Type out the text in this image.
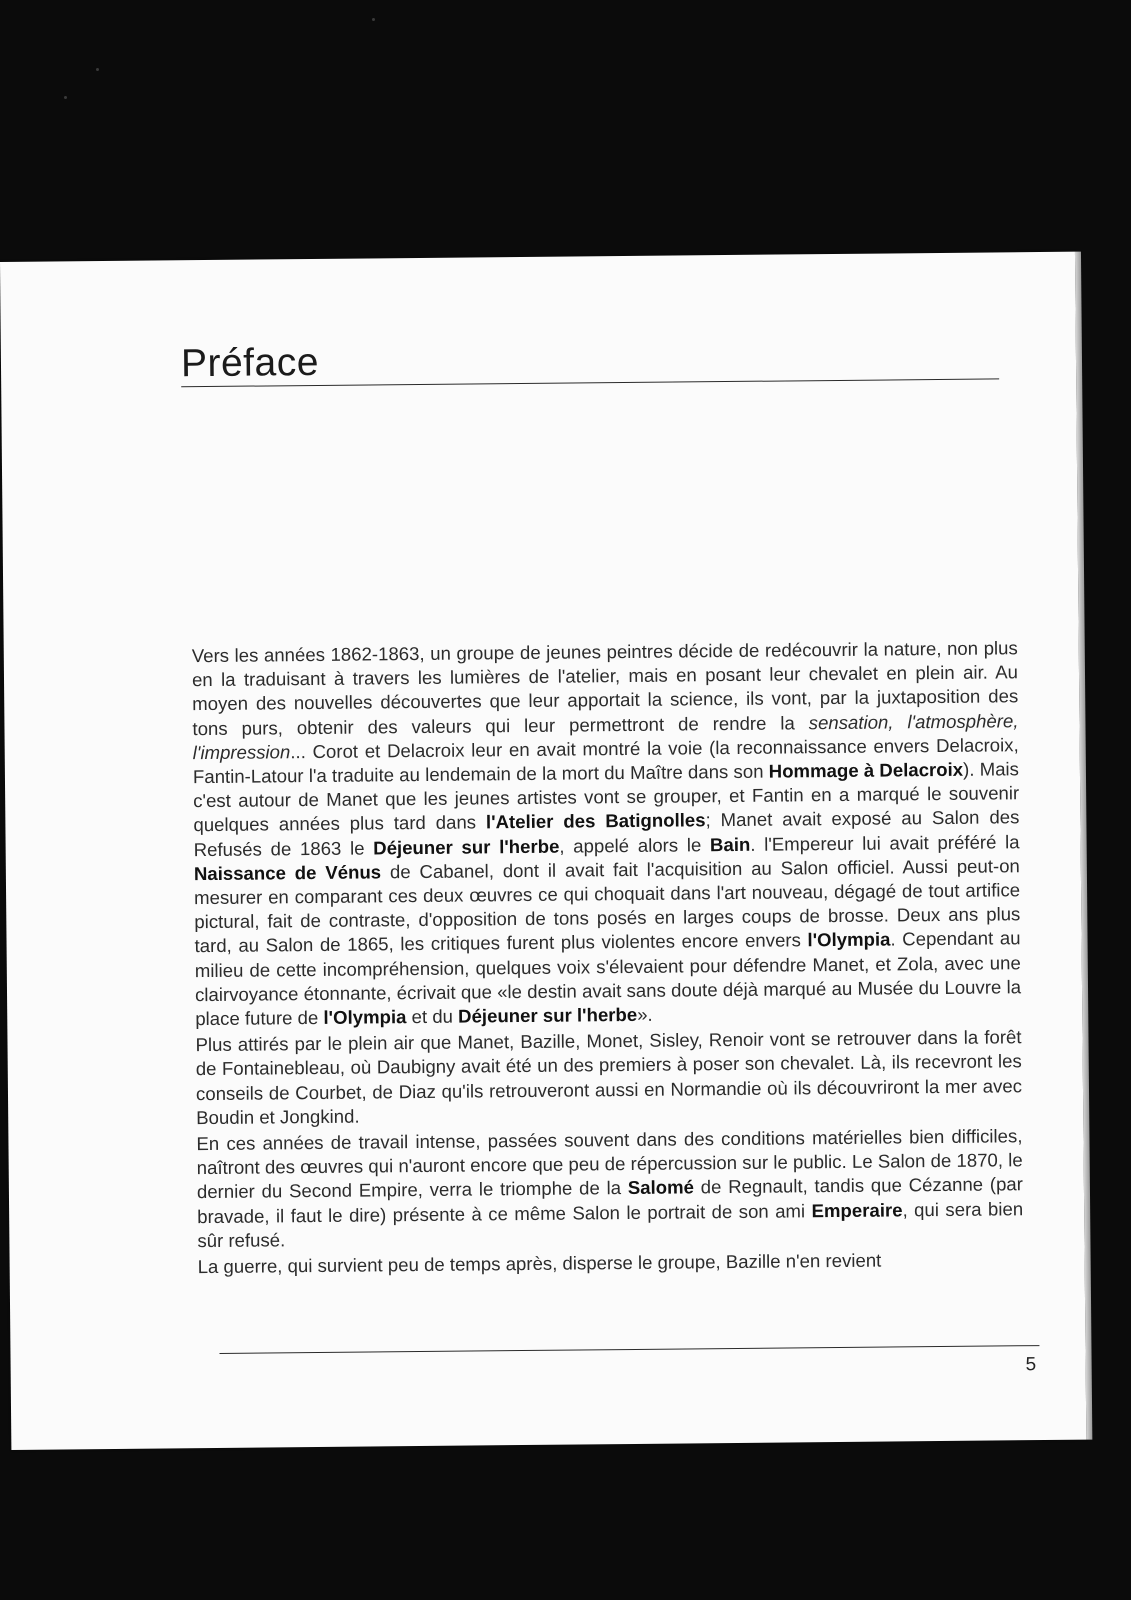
Préface

Vers les années 1862-1863, un groupe de jeunes peintres décide de redécouvrir la nature, non plus en la traduisant à travers les lumières de l'atelier, mais en posant leur chevalet en plein air. Au moyen des nouvelles découvertes que leur apportait la science, ils vont, par la juxtaposition des tons purs, obtenir des valeurs qui leur permettront de rendre la sensation, l'atmosphère, l'impression... Corot et Delacroix leur en avait montré la voie (la reconnaissance envers Delacroix, Fantin-Latour l'a traduite au lendemain de la mort du Maître dans son Hommage à Delacroix). Mais c'est autour de Manet que les jeunes artistes vont se grouper, et Fantin en a marqué le souvenir quelques années plus tard dans l'Atelier des Batignolles; Manet avait exposé au Salon des Refusés de 1863 le Déjeuner sur l'herbe, appelé alors le Bain. l'Empereur lui avait préféré la Naissance de Vénus de Cabanel, dont il avait fait l'acquisition au Salon officiel. Aussi peut-on mesurer en comparant ces deux œuvres ce qui choquait dans l'art nouveau, dégagé de tout artifice pictural, fait de contraste, d'opposition de tons posés en larges coups de brosse. Deux ans plus tard, au Salon de 1865, les critiques furent plus violentes encore envers l'Olympia. Cependant au milieu de cette incompréhension, quelques voix s'élevaient pour défendre Manet, et Zola, avec une clairvoyance étonnante, écrivait que «le destin avait sans doute déjà marqué au Musée du Louvre la place future de l'Olympia et du Déjeuner sur l'herbe».

Plus attirés par le plein air que Manet, Bazille, Monet, Sisley, Renoir vont se retrouver dans la forêt de Fontainebleau, où Daubigny avait été un des premiers à poser son chevalet. Là, ils recevront les conseils de Courbet, de Diaz qu'ils retrouveront aussi en Normandie où ils découvriront la mer avec Boudin et Jongkind.

En ces années de travail intense, passées souvent dans des conditions matérielles bien difficiles, naîtront des œuvres qui n'auront encore que peu de répercussion sur le public. Le Salon de 1870, le dernier du Second Empire, verra le triomphe de la Salomé de Regnault, tandis que Cézanne (par bravade, il faut le dire) présente à ce même Salon le portrait de son ami Emperaire, qui sera bien sûr refusé.

La guerre, qui survient peu de temps après, disperse le groupe, Bazille n'en revient

5
